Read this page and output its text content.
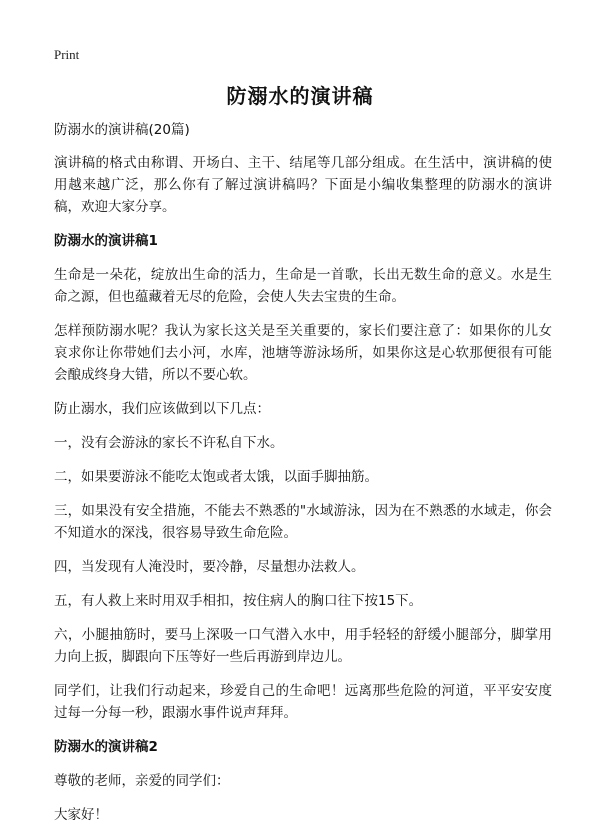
Print
防溺水的演讲稿

防溺水的演讲稿(20篇)

演讲稿的格式由称谓、开场白、主干、结尾等几部分组成。在生活中，演讲稿的使用越来越广泛，那么你有了解过演讲稿吗？下面是小编收集整理的防溺水的演讲稿，欢迎大家分享。

防溺水的演讲稿1

生命是一朵花，绽放出生命的活力，生命是一首歌，长出无数生命的意义。水是生命之源，但也蕴藏着无尽的危险，会使人失去宝贵的生命。

怎样预防溺水呢？我认为家长这关是至关重要的，家长们要注意了：如果你的儿女哀求你让你带她们去小河，水库，池塘等游泳场所，如果你这是心软那便很有可能会酿成终身大错，所以不要心软。

防止溺水，我们应该做到以下几点：

一，没有会游泳的家长不许私自下水。

二，如果要游泳不能吃太饱或者太饿，以面手脚抽筋。

三，如果没有安全措施，不能去不熟悉的"水域游泳，因为在不熟悉的水域走，你会不知道水的深浅，很容易导致生命危险。

四，当发现有人淹没时，要冷静，尽量想办法救人。

五，有人救上来时用双手相扣，按住病人的胸口往下按15下。

六，小腿抽筋时，要马上深吸一口气潜入水中，用手轻轻的舒缓小腿部分，脚掌用力向上扳，脚跟向下压等好一些后再游到岸边儿。

同学们，让我们行动起来，珍爱自己的生命吧！远离那些危险的河道，平平安安度过每一分每一秒，跟溺水事件说声拜拜。

防溺水的演讲稿2

尊敬的老师，亲爱的同学们：

大家好！
